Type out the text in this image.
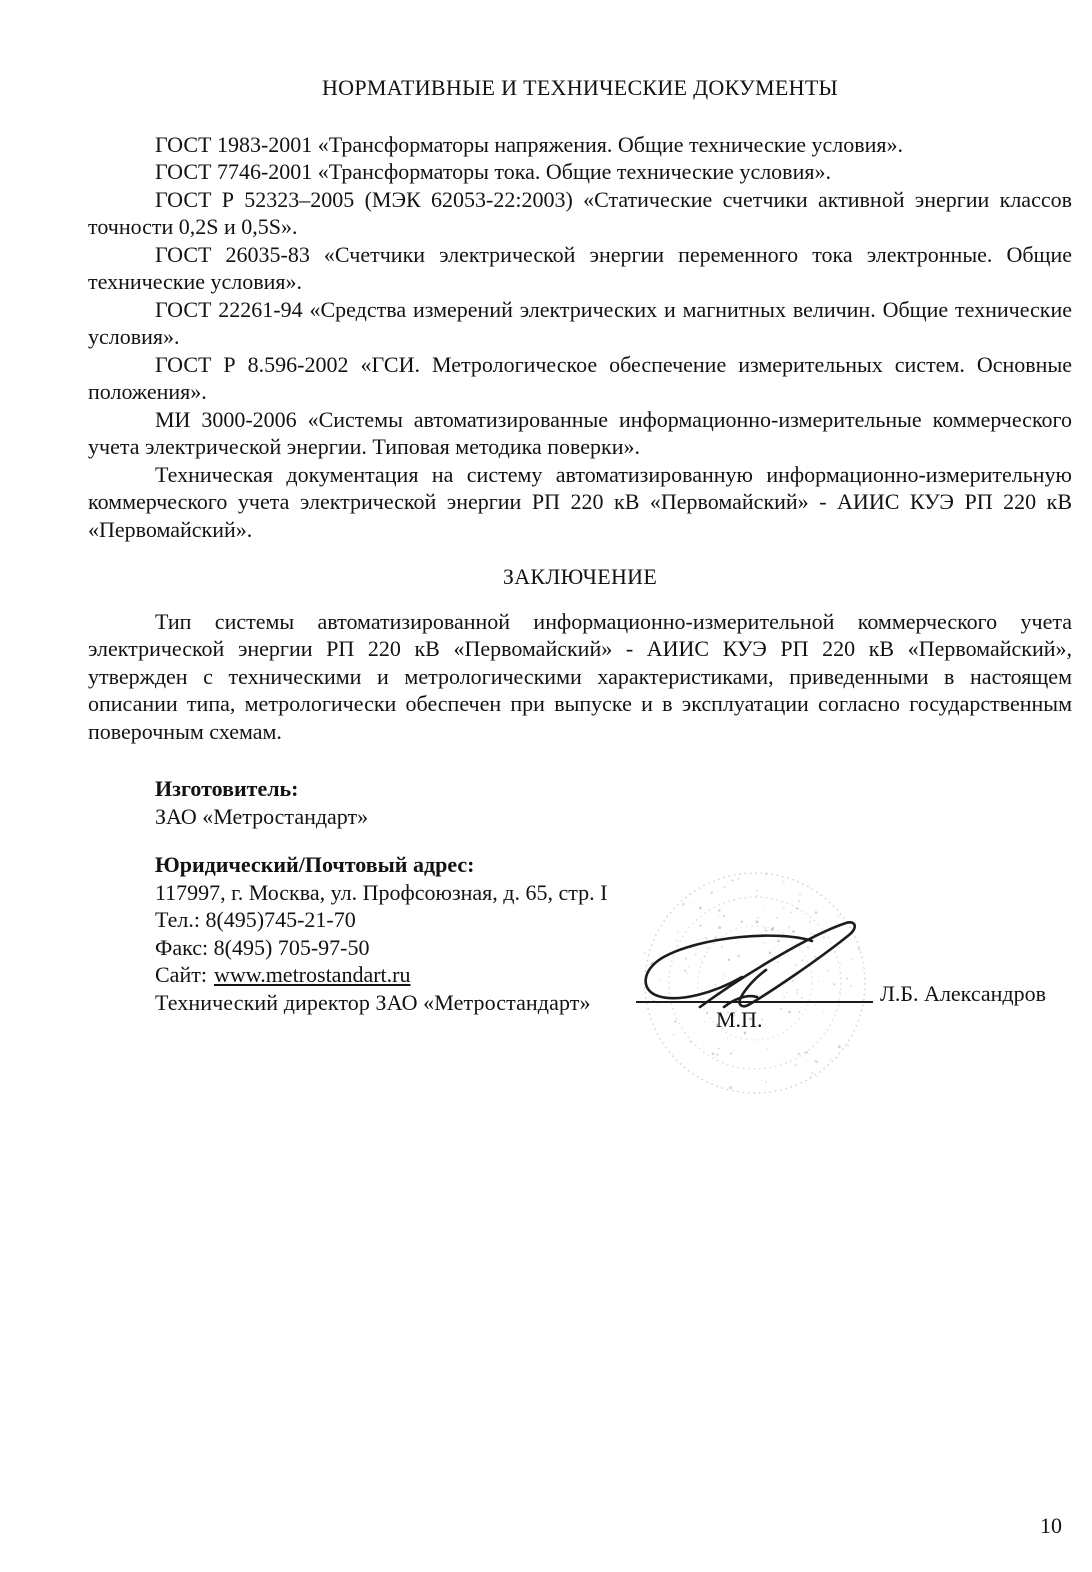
НОРМАТИВНЫЕ И ТЕХНИЧЕСКИЕ ДОКУМЕНТЫ

ГОСТ 1983-2001 «Трансформаторы напряжения. Общие технические условия».

ГОСТ 7746-2001 «Трансформаторы тока. Общие технические условия».

ГОСТ Р 52323–2005 (МЭК 62053-22:2003) «Статические счетчики активной энергии классов точности 0,2S и 0,5S».

ГОСТ 26035-83 «Счетчики электрической энергии переменного тока электронные. Общие технические условия».

ГОСТ 22261-94 «Средства измерений электрических и магнитных величин. Общие технические условия».

ГОСТ Р 8.596-2002 «ГСИ. Метрологическое обеспечение измерительных систем. Основные положения».

МИ 3000-2006 «Системы автоматизированные информационно-измерительные коммерческого учета электрической энергии. Типовая методика поверки».

Техническая документация на систему автоматизированную информационно-измерительную коммерческого учета электрической энергии РП 220 кВ «Первомайский» - АИИС КУЭ РП 220 кВ «Первомайский».

ЗАКЛЮЧЕНИЕ

Тип системы автоматизированной информационно-измерительной коммерческого учета электрической энергии РП 220 кВ «Первомайский» - АИИС КУЭ РП 220 кВ «Первомайский», утвержден с техническими и метрологическими характеристиками, приведенными в настоящем описании типа, метрологически обеспечен при выпуске и в эксплуатации согласно государственным поверочным схемам.

Изготовитель:
ЗАО «Метростандарт»
Юридический/Почтовый адрес:
117997, г. Москва, ул. Профсоюзная, д. 65, стр. I
Тел.: 8(495)745-21-70
Факс: 8(495) 705-97-50
Сайт: www.metrostandart.ru
Технический директор ЗАО «Метростандарт»
М.П.
Л.Б. Александров
10
